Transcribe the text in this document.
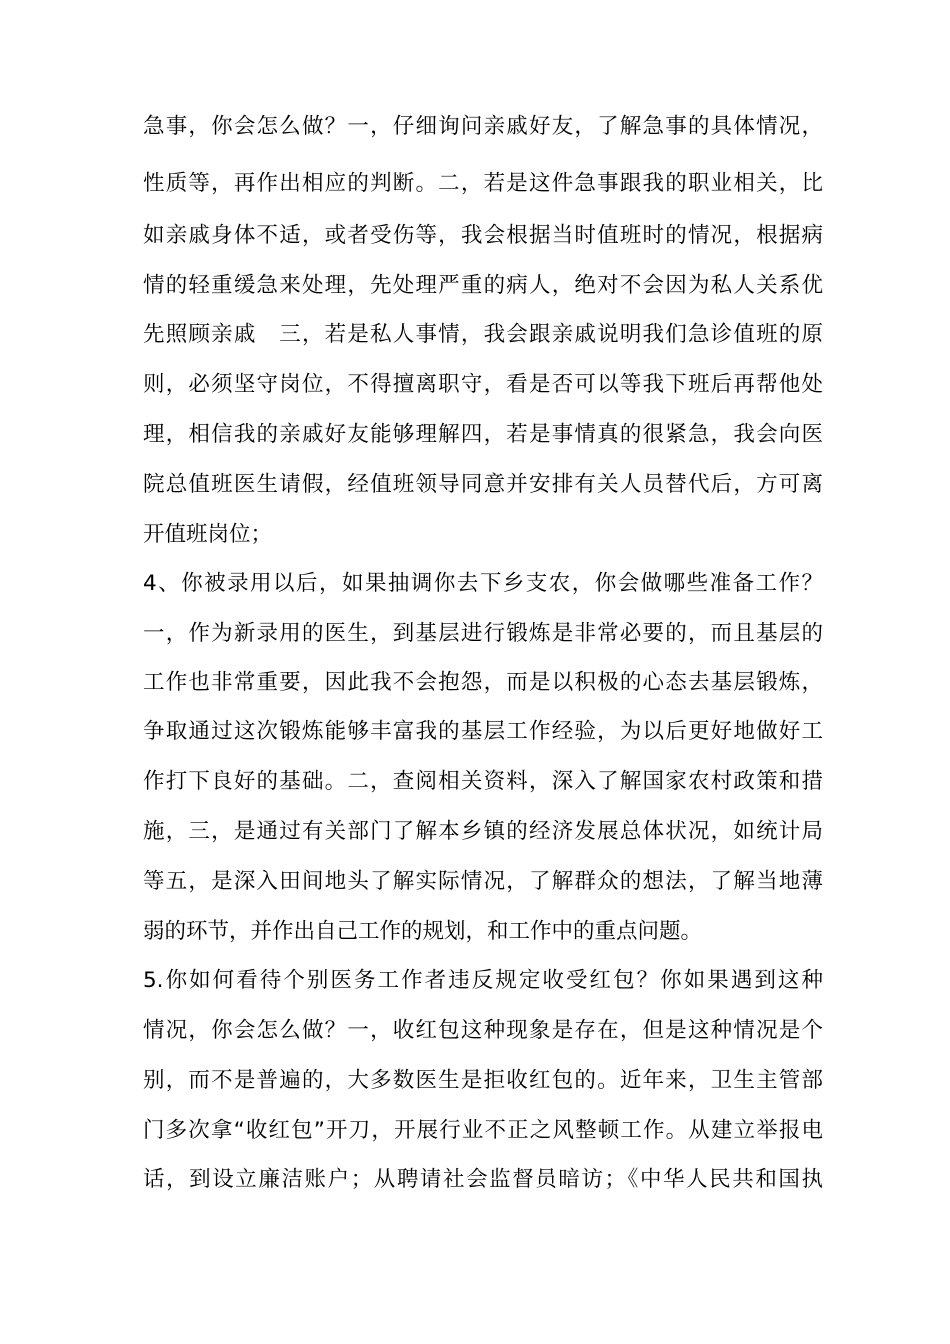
急事，你会怎么做？一，仔细询问亲戚好友，了解急事的具体情况，
性质等，再作出相应的判断。二，若是这件急事跟我的职业相关，比
如亲戚身体不适，或者受伤等，我会根据当时值班时的情况，根据病
情的轻重缓急来处理，先处理严重的病人，绝对不会因为私人关系优
先照顾亲戚　三，若是私人事情，我会跟亲戚说明我们急诊值班的原
则，必须坚守岗位，不得擅离职守，看是否可以等我下班后再帮他处
理，相信我的亲戚好友能够理解四，若是事情真的很紧急，我会向医
院总值班医生请假，经值班领导同意并安排有关人员替代后，方可离
开值班岗位；
4、你被录用以后，如果抽调你去下乡支农，你会做哪些准备工作？
一，作为新录用的医生，到基层进行锻炼是非常必要的，而且基层的
工作也非常重要，因此我不会抱怨，而是以积极的心态去基层锻炼，
争取通过这次锻炼能够丰富我的基层工作经验，为以后更好地做好工
作打下良好的基础。二，查阅相关资料，深入了解国家农村政策和措
施，三，是通过有关部门了解本乡镇的经济发展总体状况，如统计局
等五，是深入田间地头了解实际情况，了解群众的想法，了解当地薄
弱的环节，并作出自己工作的规划，和工作中的重点问题。
5.你如何看待个别医务工作者违反规定收受红包？你如果遇到这种
情况，你会怎么做？一，收红包这种现象是存在，但是这种情况是个
别，而不是普遍的，大多数医生是拒收红包的。近年来，卫生主管部
门多次拿“收红包”开刀，开展行业不正之风整顿工作。从建立举报电
话，到设立廉洁账户；从聘请社会监督员暗访；《中华人民共和国执
